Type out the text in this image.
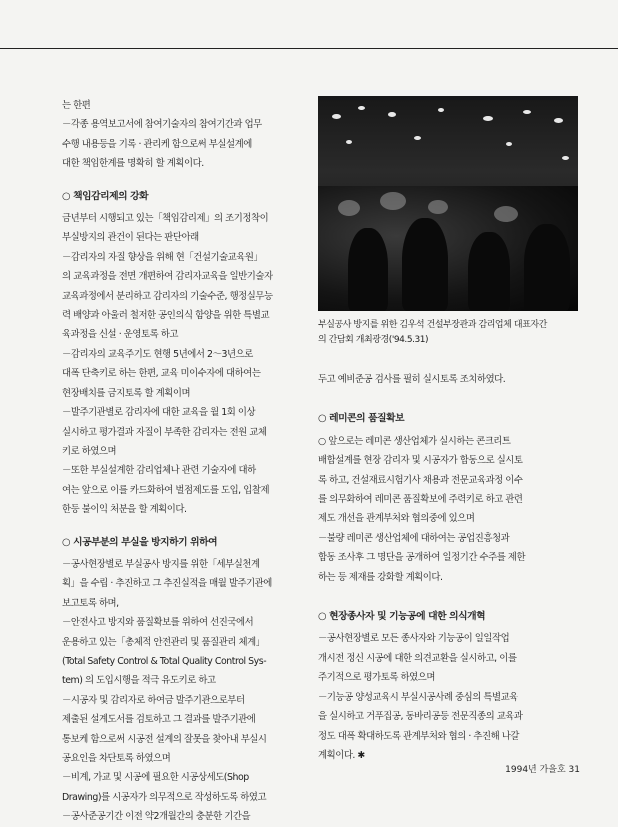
는 한편

－각종 용역보고서에 참여기술자의 참여기간과 업무

수행 내용등을 기록 · 관리케 함으로써 부실설계에

대한 책임한계를 명확히 할 계획이다.

○ 책임감리제의 강화

금년부터 시행되고 있는「책임감리제」의 조기정착이

부실방지의 관건이 된다는 판단아래

－감리자의 자질 향상을 위해 현「건설기술교육원」

의 교육과정을 전면 개편하여 감리자교육을 일반기술자

교육과정에서 분리하고 감리자의 기술수준, 행정실무능

력 배양과 아울러 철저한 공인의식 함양을 위한 특별교

육과정을 신설 · 운영토록 하고

－감리자의 교육주기도 현행 5년에서 2～3년으로

대폭 단축키로 하는 한편, 교육 미이수자에 대하여는

현장배치를 금지토록 할 계획이며

－발주기관별로 감리자에 대한 교육을 월 1회 이상

실시하고 평가결과 자질이 부족한 감리자는 전원 교체

키로 하였으며

－또한 부실설계한 감리업체나 관련 기술자에 대하

여는 앞으로 이를 카드화하여 벌점제도를 도입, 입찰제

한등 불이익 처분을 할 계획이다.

○ 시공부분의 부실을 방지하기 위하여

－공사현장별로 부실공사 방지를 위한「세부실천계

획」을 수립 · 추진하고 그 추진실적을 매월 발주기관에

보고토록 하며,

－안전사고 방지와 품질확보를 위하여 선진국에서

운용하고 있는「총체적 안전관리 및 품질관리 체계」

(Total Safety Control & Total Quality Control Sys-

tem) 의 도입시행을 적극 유도키로 하고

－시공자 및 감리자로 하여금 발주기관으로부터

제출된 설계도서를 검토하고 그 결과를 발주기관에

통보케 함으로써 시공전 설계의 잘못을 찾아내 부실시

공요인을 차단토록 하였으며

－비계, 가교 및 시공에 필요한 시공상세도(Shop

Drawing)를 시공자가 의무적으로 작성하도록 하였고

－공사준공기간 이전 약2개월간의 충분한 기간을

부실공사 방지를 위한 김우석 건설부장관과 감리업체 대표자간
의 간담회 개최광경('94.5.31)

두고 예비준공 검사를 필히 실시토록 조치하였다.

○ 레미콘의 품질확보

○ 앞으로는 레미콘 생산업체가 실시하는 콘크리트

배합설계를 현장 감리자 및 시공자가 합동으로 실시토

록 하고, 건설재료시험기사 채용과 전문교육과정 이수

를 의무화하여 레미콘 품질확보에 주력키로 하고 관련

제도 개선을 관계부처와 협의중에 있으며

－불량 레미콘 생산업체에 대하여는 공업진흥청과

합동 조사후 그 명단을 공개하여 일정기간 수주를 제한

하는 등 제재를 강화할 계획이다.

○ 현장종사자 및 기능공에 대한 의식개혁

－공사현장별로 모든 종사자와 기능공이 일일작업

개시전 정신 시공에 대한 의견교환을 실시하고, 이를

주기적으로 평가토록 하였으며

－기능공 양성교육시 부실시공사례 중심의 특별교육

을 실시하고 거푸집공, 동바리공등 전문직종의 교육과

정도 대폭 확대하도록 관계부처와 협의 · 추진해 나갈

계획이다. ✱

1994년 가을호 31
